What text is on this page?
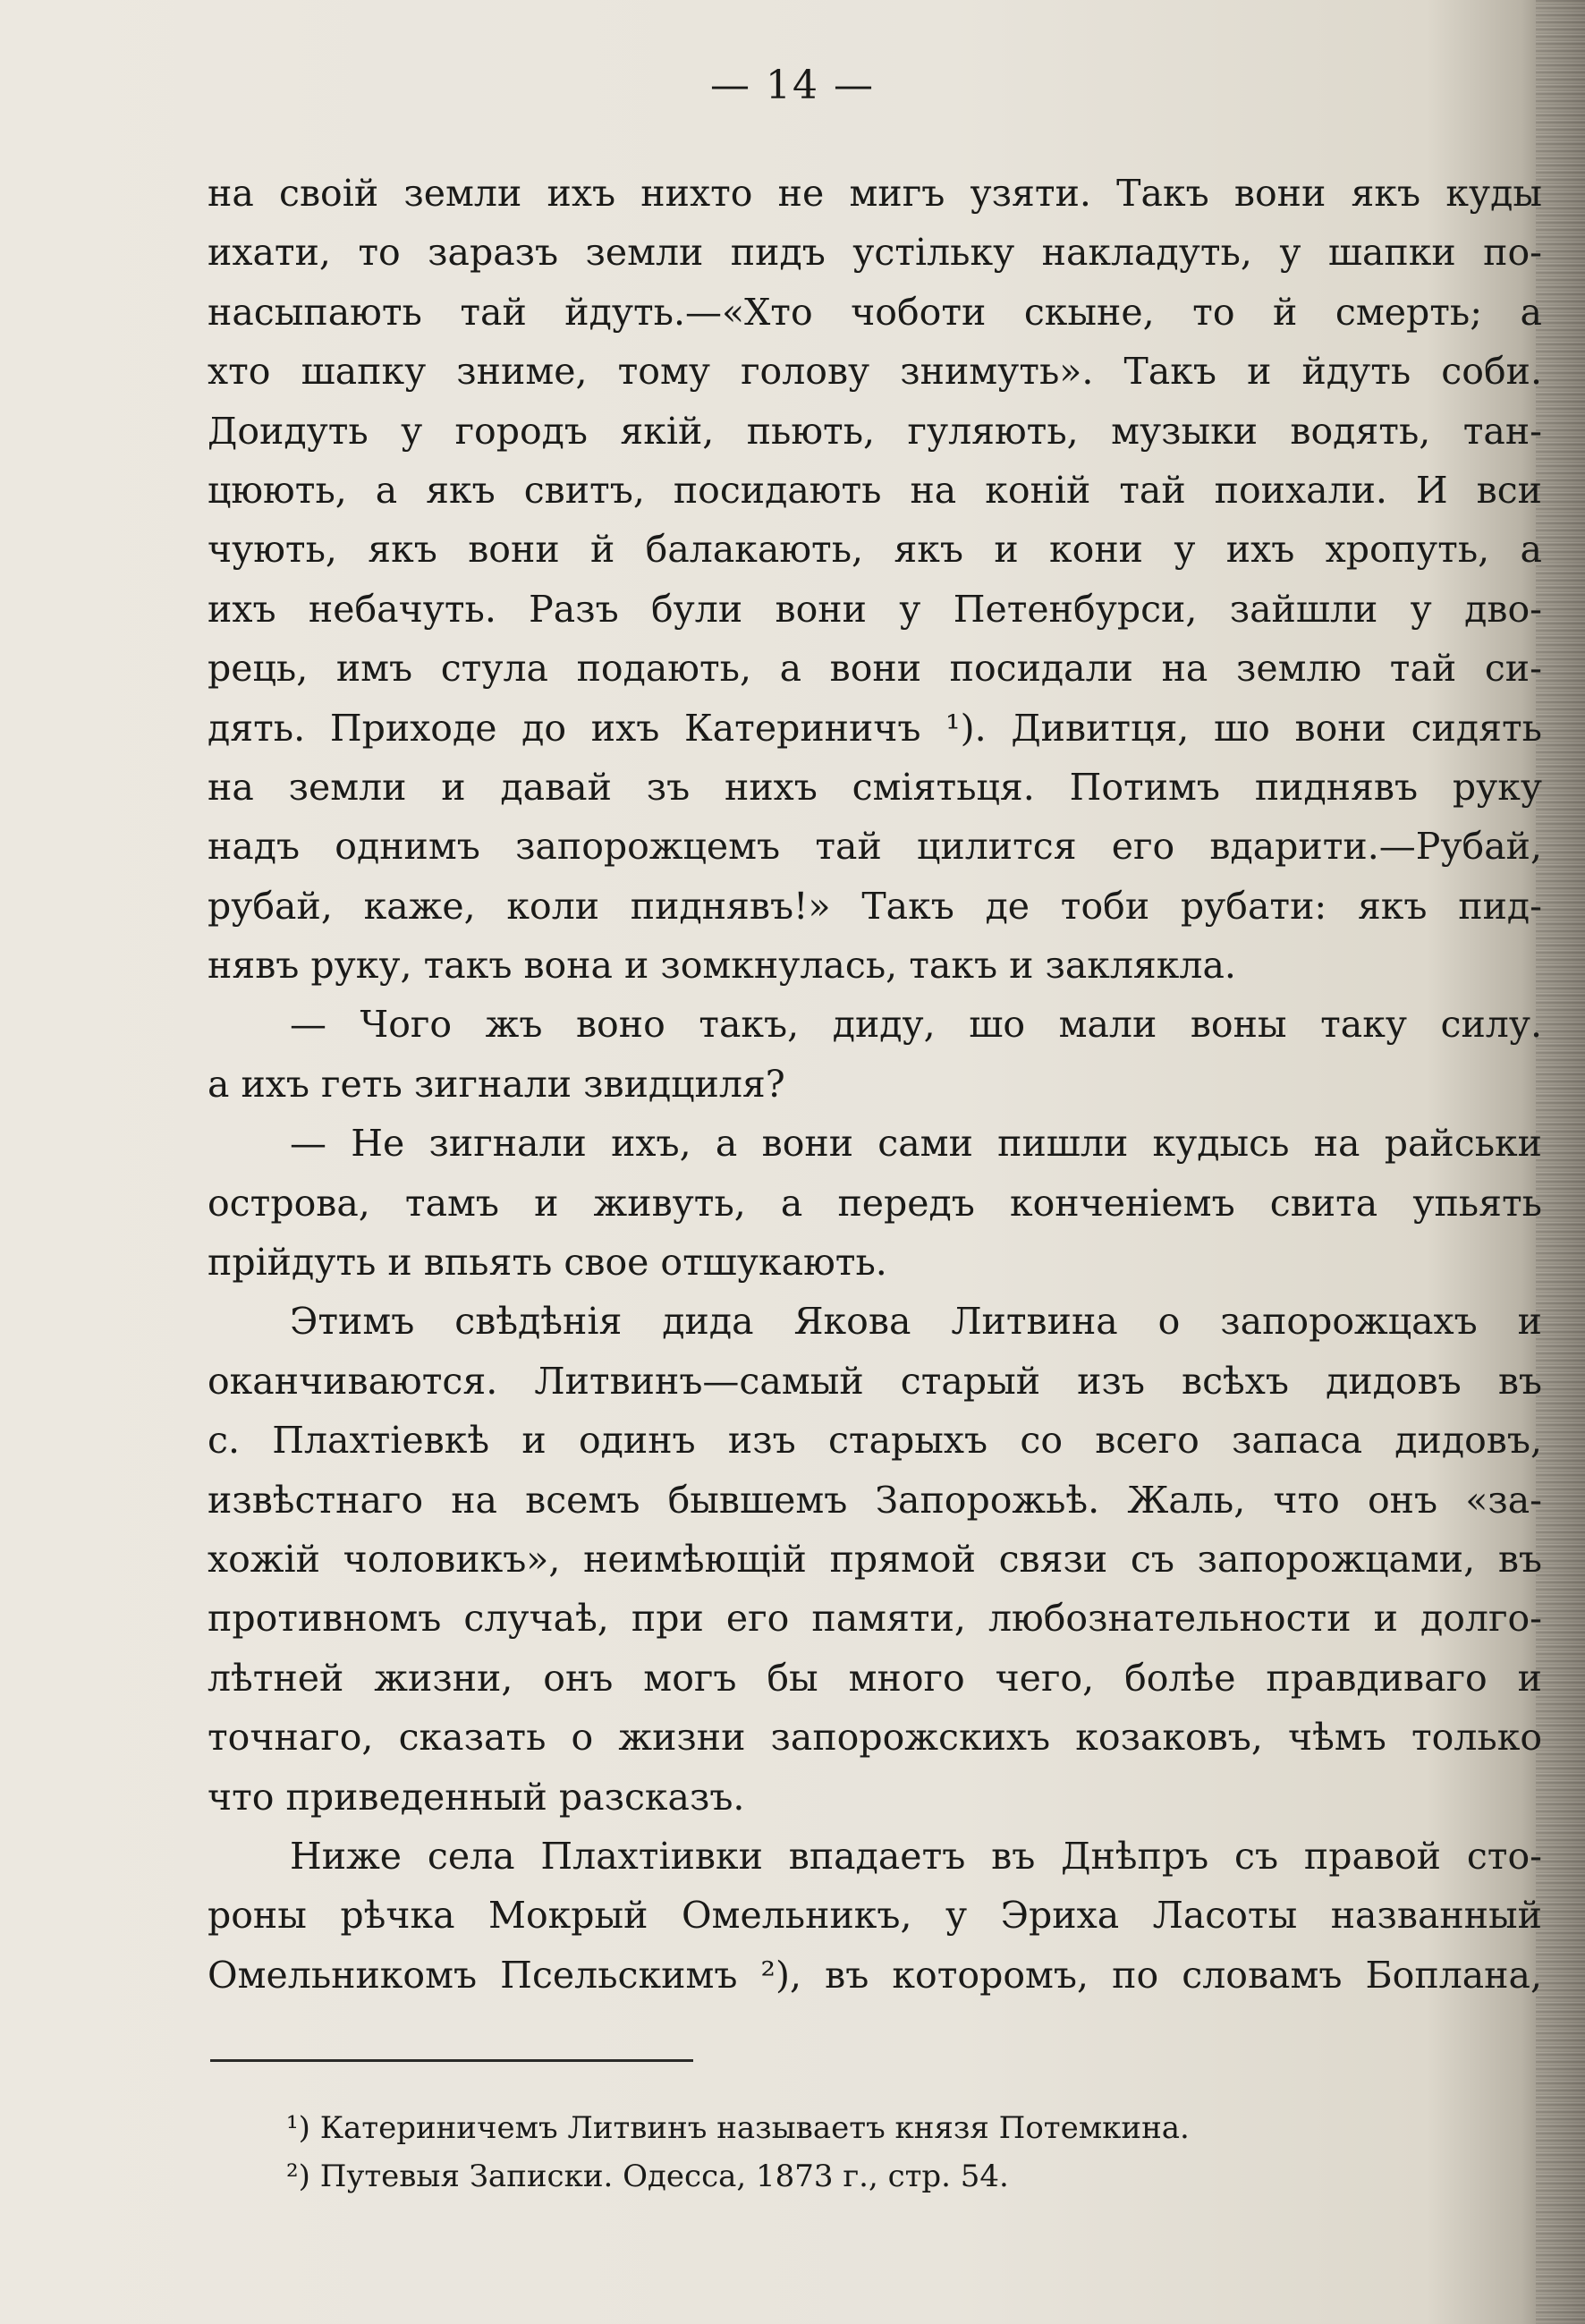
— 14 —
на своій земли ихъ нихто не мигъ узяти. Такъ вони якъ куды
ихати, то заразъ земли пидъ устільку накладуть, у шапки по-
насыпають тай йдуть.—«Хто чоботи скыне, то й смерть; а
хто шапку зниме, тому голову знимуть». Такъ и йдуть соби.
Доидуть у городъ якій, пьють, гуляють, музыки водять, тан-
цюють, а якъ свитъ, посидають на коній тай поихали. И вси
чують, якъ вони й балакають, якъ и кони у ихъ хропуть, а
ихъ небачуть. Разъ були вони у Петенбурси, зайшли у дво-
рець, имъ стула подають, а вони посидали на землю тай си-
дять. Приходе до ихъ Катериничъ ¹). Дивитця, шо вони сидять
на земли и давай зъ нихъ сміятьця. Потимъ пиднявъ руку
надъ однимъ запорожцемъ тай цилится его вдарити.—Рубай,
рубай, каже, коли пиднявъ!» Такъ де тоби рубати: якъ пид-
нявъ руку, такъ вона и зомкнулась, такъ и заклякла.
— Чого жъ воно такъ, диду, шо мали воны таку силу.
а ихъ геть зигнали звидциля?
— Не зигнали ихъ, а вони сами пишли кудысь на райськи
острова, тамъ и живуть, а передъ конченіемъ свита упьять
прійдуть и впьять свое отшукають.
Этимъ свѣдѣнія дида Якова Литвина о запорожцахъ и
оканчиваются. Литвинъ—самый старый изъ всѣхъ дидовъ въ
с. Плахтіевкѣ и одинъ изъ старыхъ со всего запаса дидовъ,
извѣстнаго на всемъ бывшемъ Запорожьѣ. Жаль, что онъ «за-
хожій чоловикъ», неимѣющій прямой связи съ запорожцами, въ
противномъ случаѣ, при его памяти, любознательности и долго-
лѣтней жизни, онъ могъ бы много чего, болѣе правдиваго и
точнаго, сказать о жизни запорожскихъ козаковъ, чѣмъ только
что приведенный разсказъ.
Ниже села Плахтіивки впадаетъ въ Днѣпръ съ правой сто-
роны рѣчка Мокрый Омельникъ, у Эриха Ласоты названный
Омельникомъ Псельскимъ ²), въ которомъ, по словамъ Боплана,
¹) Катериничемъ Литвинъ называетъ князя Потемкина.
²) Путевыя Записки. Одесса, 1873 г., стр. 54.
